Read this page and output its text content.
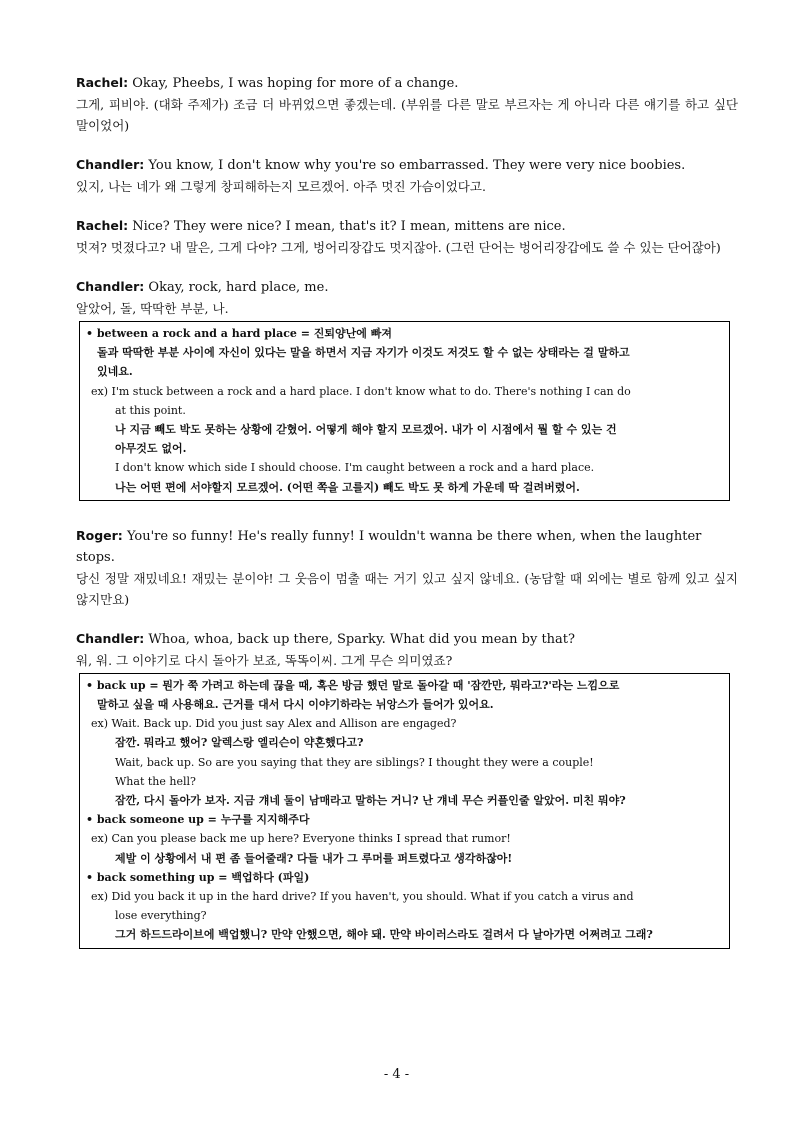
Rachel: Okay, Pheebs, I was hoping for more of a change.
그게, 피비야. (대화 주제가) 조금 더 바뀌었으면 좋겠는데. (부위를 다른 말로 부르자는 게 아니라 다른 얘기를 하고 싶단 말이었어)
Chandler: You know, I don't know why you're so embarrassed. They were very nice boobies.
있지, 나는 네가 왜 그렇게 창피해하는지 모르겠어. 아주 멋진 가슴이었다고.
Rachel: Nice? They were nice? I mean, that's it? I mean, mittens are nice.
멋져? 멋졌다고? 내 말은, 그게 다야? 그게, 벙어리장갑도 멋지잖아. (그런 단어는 벙어리장갑에도 쓸 수 있는 단어잖아)
Chandler: Okay, rock, hard place, me.
알았어, 돌, 딱딱한 부분, 나.
• between a rock and a hard place = 진퇴양난에 빠져
돌과 딱딱한 부분 사이에 자신이 있다는 말을 하면서 지금 자기가 이것도 저것도 할 수 없는 상태라는 걸 말하고
있네요.
ex) I'm stuck between a rock and a hard place. I don't know what to do. There's nothing I can do
at this point.
나 지금 빼도 박도 못하는 상황에 갇혔어. 어떻게 해야 할지 모르겠어. 내가 이 시점에서 뭘 할 수 있는 건
아무것도 없어.
I don't know which side I should choose. I'm caught between a rock and a hard place.
나는 어떤 편에 서야할지 모르겠어. (어떤 쪽을 고를지) 빼도 박도 못 하게 가운데 딱 걸려버렸어.
Roger: You're so funny! He's really funny! I wouldn't wanna be there when, when the laughter stops.
당신 정말 재밌네요! 재밌는 분이야! 그 웃음이 멈출 때는 거기 있고 싶지 않네요. (농담할 때 외에는 별로 함께 있고 싶지 않지만요)
Chandler: Whoa, whoa, back up there, Sparky. What did you mean by that?
워, 워. 그 이야기로 다시 돌아가 보죠, 똑똑이씨. 그게 무슨 의미였죠?
• back up = 뭔가 쭉 가려고 하는데 끊을 때, 혹은 방금 했던 말로 돌아갈 때 '잠깐만, 뭐라고?'라는 느낌으로
말하고 싶을 때 사용해요. 근거를 대서 다시 이야기하라는 뉘앙스가 들어가 있어요.
ex) Wait. Back up. Did you just say Alex and Allison are engaged?
잠깐. 뭐라고 했어? 알렉스랑 엘리슨이 약혼했다고?
Wait, back up. So are you saying that they are siblings? I thought they were a couple!
What the hell?
잠깐, 다시 돌아가 보자. 지금 걔네 둘이 남매라고 말하는 거니? 난 걔네 무슨 커플인줄 알았어. 미친 뭐야?
• back someone up = 누구를 지지해주다
ex) Can you please back me up here? Everyone thinks I spread that rumor!
제발 이 상황에서 내 편 좀 들어줄래? 다들 내가 그 루머를 퍼트렸다고 생각하잖아!
• back something up = 백업하다 (파일)
ex) Did you back it up in the hard drive? If you haven't, you should. What if you catch a virus and
lose everything?
그거 하드드라이브에 백업했니? 만약 안했으면, 해야 돼. 만약 바이러스라도 걸려서 다 날아가면 어쩌려고 그래?
- 4 -
